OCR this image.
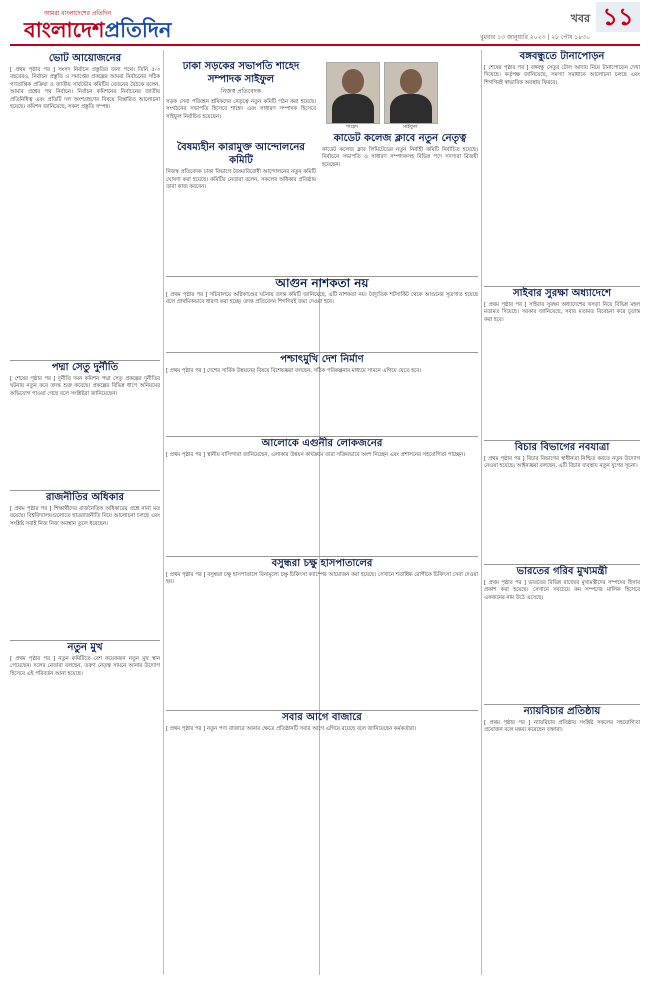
আমরা বাংলাদেশের প্রতিদিন
বাংলাদেশপ্রতিদিন	খবর ১১
বুধবার ১৩ জানুয়ারি ২০২৩ | ২৮ পৌষ ১৪৩০
ভোট আয়োজনের

[ প্রথম পৃষ্ঠার পর ] সংসদ নির্বাচন প্রস্তুতির জন্য পথে। তিনি ৫-৩ বছরেরও, নির্বাচন প্রস্তুতি ও সমাপ্তের প্রকল্পের আমরা নির্বাচনের সঠিক গণতান্ত্রিক প্রক্রিয়া ও জাতীয় সার্বভৌম কমিটির বেতনের বৈঠকে বলেন, আমার প্রশ্নের পথ নির্বাচন। নির্বাচন কমিশনের নির্বাচনের জাতীয় প্রতিনিধিত্ব এবং প্রতিটি দল অংশগ্রহণের বিষয়ে বিস্তারিত আলোচনা হয়েছে। কমিশন জানিয়েছে, সকল প্রস্তুতি সম্পন্ন।

পদ্মা সেতু দুর্নীতি

[ শেষের পৃষ্ঠার পর ] দুর্নীতি দমন কমিশন পদ্মা সেতু প্রকল্পের দুর্নীতির ঘটনায় নতুন করে তদন্ত শুরু করেছে। প্রকল্পের বিভিন্ন ধাপে অনিয়মের অভিযোগ পাওয়া গেছে বলে সংশ্লিষ্টরা জানিয়েছেন।

রাজনীতির অধিকার

[ প্রথম পৃষ্ঠার পর ] শিক্ষার্থীদের রাজনৈতিক অধিকারের প্রশ্নে নানা মত রয়েছে। বিশ্ববিদ্যালয়গুলোতে ছাত্ররাজনীতি নিয়ে আলোচনা চলছে এবং সংশ্লিষ্ট সবাই নিজ নিজ অবস্থান তুলে ধরেছেন।

নতুন মুখ

[ প্রথম পৃষ্ঠার পর ] নতুন কমিটিতে বেশ কয়েকজন নতুন মুখ স্থান পেয়েছেন। দলের নেতারা বলছেন, তরুণ নেতৃত্ব সামনে আনার উদ্যোগ হিসেবে এই পরিবর্তন আনা হয়েছে।

ঢাকা সড়কের সভাপতি শাহেদ সম্পাদক সাইফুল
নিজস্ব প্রতিবেদক

সড়ক সেবা পরিবহন শ্রমিকদের নেতৃত্বে নতুন কমিটি গঠন করা হয়েছে। সংগঠনের সভাপতি হিসেবে শাহেদ এবং সাধারণ সম্পাদক হিসেবে সাইফুল নির্বাচিত হয়েছেন।

বৈষম্যহীন কারামুক্ত আন্দোলনের কমিটি

নিজস্ব প্রতিবেদক ঢাকা বিভাগে বৈষম্যবিরোধী আন্দোলনের নতুন কমিটি ঘোষণা করা হয়েছে। কমিটির নেতারা বলেন, সকলের অধিকার প্রতিষ্ঠায় তারা কাজ করবেন।

শাহেদ	সাইফুল
কাডেট কলেজ ক্লাবে নতুন নেতৃত্ব

কাডেট কলেজ ক্লাব লিমিটেডের নতুন নির্বাহী কমিটি নির্বাচিত হয়েছে। নির্বাচনে সভাপতি ও সাধারণ সম্পাদকসহ বিভিন্ন পদে সদস্যরা বিজয়ী হয়েছেন।

আগুন নাশকতা নয়

[ প্রথম পৃষ্ঠার পর ] সচিবালয়ে অগ্নিকাণ্ডের ঘটনায় তদন্ত কমিটি জানিয়েছে, এটি নাশকতা নয়। বৈদ্যুতিক শর্টসার্কিট থেকে আগুনের সূত্রপাত হয়েছে বলে প্রাথমিকভাবে ধারণা করা হচ্ছে। তদন্ত প্রতিবেদন শিগগিরই জমা দেওয়া হবে।

পশ্চাৎমুখি দেশ নির্মাণ

[ প্রথম পৃষ্ঠার পর ] দেশের সার্বিক উন্নয়নের বিষয়ে বিশেষজ্ঞরা বলছেন, সঠিক পরিকল্পনার মাধ্যমে সামনে এগিয়ে যেতে হবে।

আলোকে এগুনীর লোকজনের

[ প্রথম পৃষ্ঠার পর ] স্থানীয় বাসিন্দারা জানিয়েছেন, এলাকার উন্নয়ন কার্যক্রমে তারা সক্রিয়ভাবে অংশ নিচ্ছেন এবং প্রশাসনের সহযোগিতা পাচ্ছেন।

বসুন্ধরা চক্ষু হাসপাতালের

[ প্রথম পৃষ্ঠার পর ] বসুন্ধরা চক্ষু হাসপাতালে বিনামূল্যে চক্ষু চিকিৎসা ক্যাম্পের আয়োজন করা হয়েছে। সেখানে শতাধিক রোগীকে চিকিৎসা সেবা দেওয়া হয়।

সবার আগে বাজারে

[ প্রথম পৃষ্ঠার পর ] নতুন পণ্য বাজারে আনার ক্ষেত্রে প্রতিষ্ঠানটি সবার আগে এগিয়ে রয়েছে বলে জানিয়েছেন কর্মকর্তারা।

বঙ্গবন্ধুতে টানাপোড়ন

[ শেষের পৃষ্ঠার পর ] বঙ্গবন্ধু সেতুর টোল আদায় নিয়ে টানাপোড়েন দেখা দিয়েছে। কর্তৃপক্ষ জানিয়েছে, সমস্যা সমাধানে আলোচনা চলছে এবং শিগগিরই স্বাভাবিক অবস্থায় ফিরবে।

সাইবার সুরক্ষা অধ্যাদেশে

[ প্রথম পৃষ্ঠার পর ] সাইবার সুরক্ষা অধ্যাদেশের খসড়া নিয়ে বিভিন্ন মহল মতামত দিয়েছে। সরকার জানিয়েছে, সবার মতামত বিবেচনা করে চূড়ান্ত করা হবে।

বিচার বিভাগের নবযাত্রা

[ প্রথম পৃষ্ঠার পর ] বিচার বিভাগের স্বাধীনতা নিশ্চিত করতে নতুন উদ্যোগ নেওয়া হয়েছে। আইনজ্ঞরা বলছেন, এটি বিচার ব্যবস্থায় নতুন যুগের সূচনা।

ভারতের গরিব মুখ্যমন্ত্রী

[ প্রথম পৃষ্ঠার পর ] ভারতের বিভিন্ন রাজ্যের মুখ্যমন্ত্রীদের সম্পদের হিসাব প্রকাশ করা হয়েছে। সেখানে সবচেয়ে কম সম্পদের মালিক হিসেবে একজনের নাম উঠে এসেছে।

ন্যায়বিচার প্রতিষ্ঠায়

[ প্রথম পৃষ্ঠার পর ] ন্যায়বিচার প্রতিষ্ঠায় সংশ্লিষ্ট সকলের সহযোগিতা প্রয়োজন বলে মন্তব্য করেছেন বক্তারা।
